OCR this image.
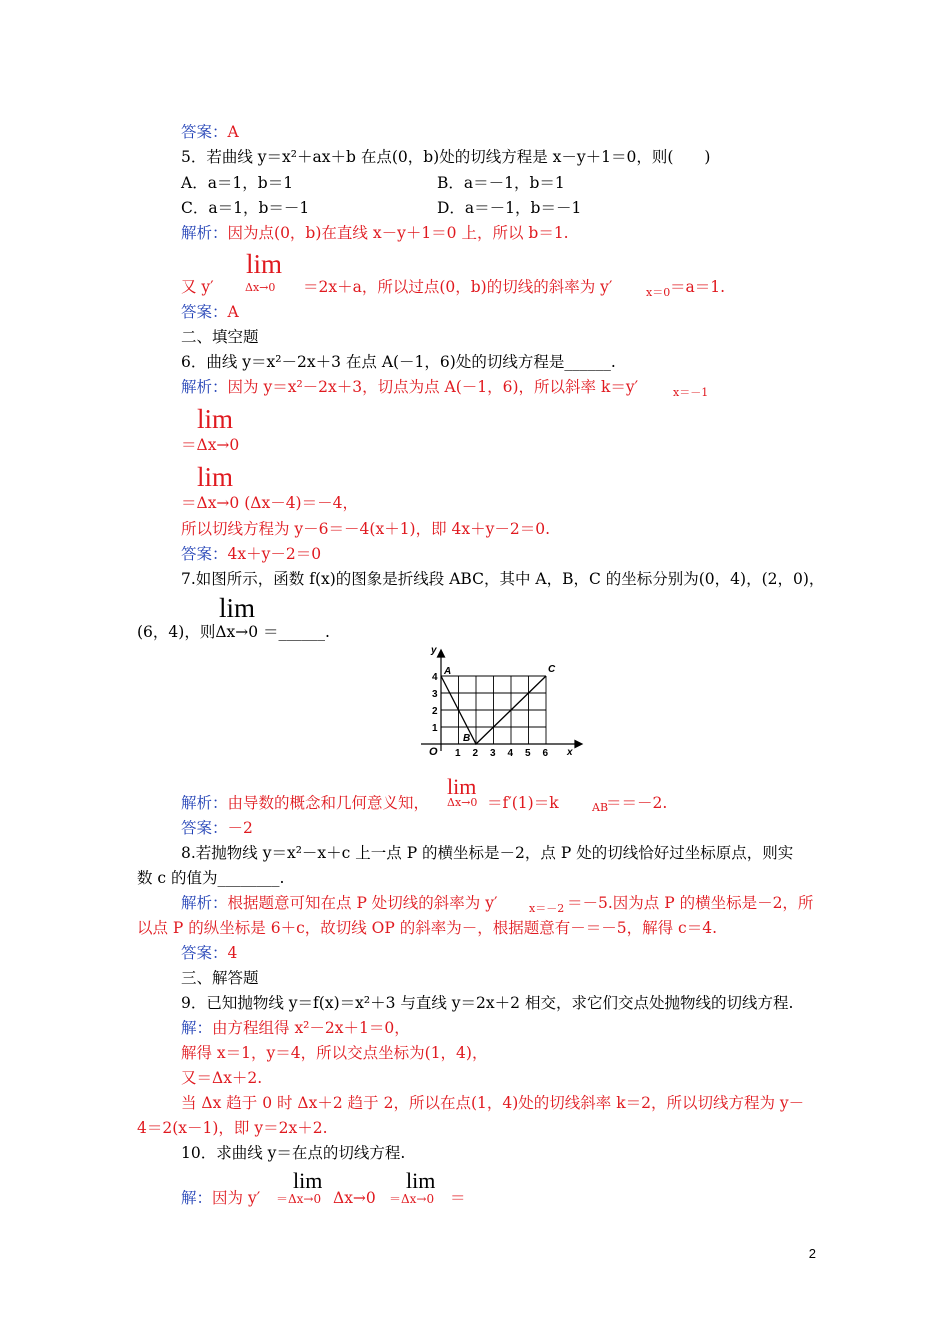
答案：A
5．若曲线 y＝x²＋ax＋b 在点(0，b)处的切线方程是 x－y＋1＝0，则(　　)
A．a＝1，b＝1	B．a＝－1，b＝1
C．a＝1，b＝－1	D．a＝－1，b＝－1
解析：因为点(0，b)在直线 x－y＋1＝0 上，所以 b＝1.
lim
又 y′	Δx→0 ＝2x＋a，所以过点(0，b)的切线的斜率为 y′	x＝0 ＝a＝1.
答案：A
二、填空题
6．曲线 y＝x²－2x＋3 在点 A(－1，6)处的切线方程是______.
解析：因为 y＝x²－2x＋3，切点为点 A(－1，6)，所以斜率 k＝y′	x＝－1
lim
＝Δx→0
lim
＝Δx→0 (Δx－4)＝－4，
所以切线方程为 y－6＝－4(x＋1)，即 4x＋y－2＝0.
答案：4x＋y－2＝0
7.如图所示，函数 f(x)的图象是折线段 ABC，其中 A，B，C 的坐标分别为(0，4)，(2，0)，
lim
(6，4)，则Δx→0 ＝______.
y
x
O
1
2
3
4
1 2 3 4 5 6
A
B
C
lim
解析：由导数的概念和几何意义知， Δx→0 ＝f′(1)＝k	AB
＝＝－2.
答案：－2
8.若抛物线 y＝x²－x＋c 上一点 P 的横坐标是－2，点 P 处的切线恰好过坐标原点，则实
数 c 的值为________.
解析：根据题意可知在点 P 处切线的斜率为 y′	x＝－2 ＝－5.因为点 P 的横坐标是－2，所
以点 P 的纵坐标是 6＋c，故切线 OP 的斜率为－，根据题意有－＝－5，解得 c＝4.
答案：4
三、解答题
9．已知抛物线 y＝f(x)＝x²＋3 与直线 y＝2x＋2 相交，求它们交点处抛物线的切线方程.
解：由方程组得 x²－2x＋1＝0，
解得 x＝1，y＝4，所以交点坐标为(1，4)，
又＝Δx＋2.
当 Δx 趋于 0 时 Δx＋2 趋于 2，所以在点(1，4)处的切线斜率 k＝2，所以切线方程为 y－
4＝2(x－1)，即 y＝2x＋2.
10．求曲线 y＝在点的切线方程.
lim	lim
解：因为 y′ ＝Δx→0 Δx→0 ＝Δx→0 ＝
2
